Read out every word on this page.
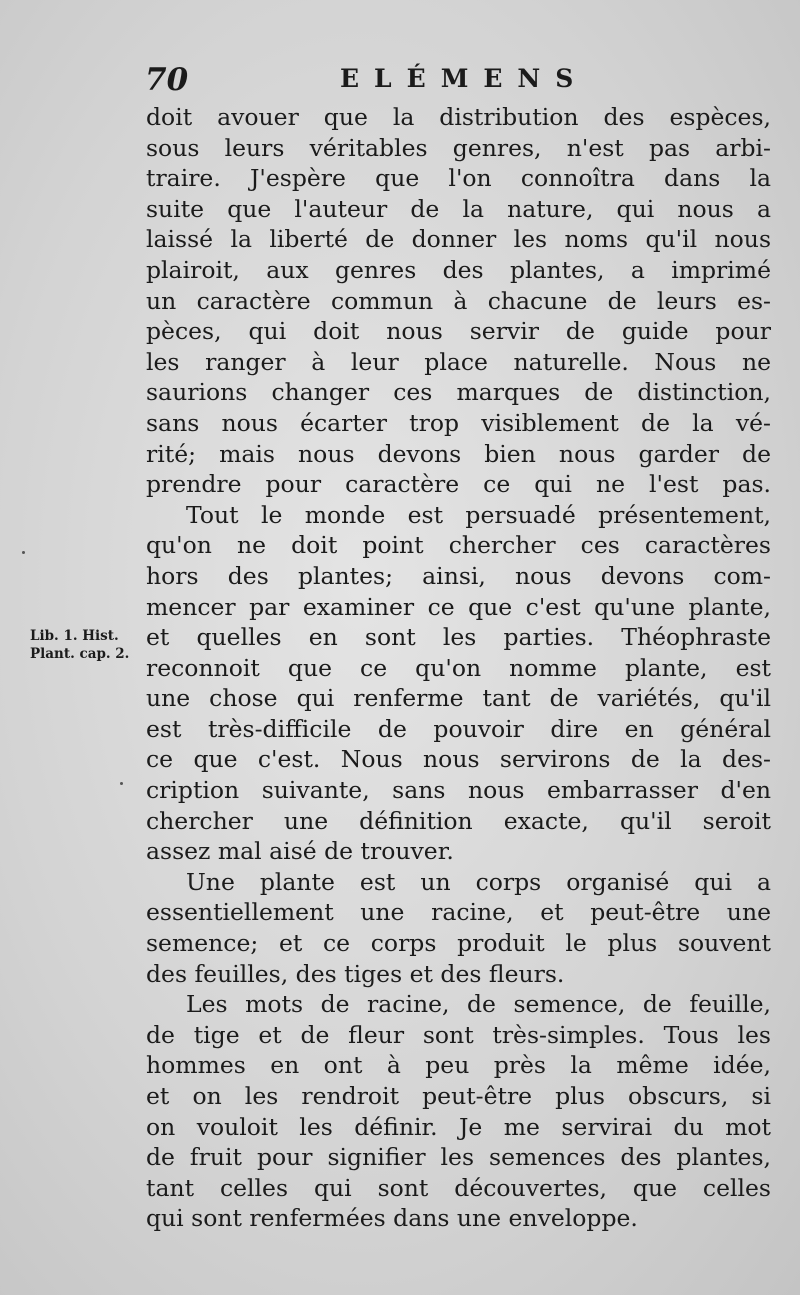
70	ELÉMENS
Lib. 1. Hist.
Plant. cap. 2.
doit avouer que la distribution des espèces,
sous leurs véritables genres, n'est pas arbi-
traire. J'espère que l'on connoîtra dans la
suite que l'auteur de la nature, qui nous a
laissé la liberté de donner les noms qu'il nous
plairoit, aux genres des plantes, a imprimé
un caractère commun à chacune de leurs es-
pèces, qui doit nous servir de guide pour
les ranger à leur place naturelle. Nous ne
saurions changer ces marques de distinction,
sans nous écarter trop visiblement de la vé-
rité; mais nous devons bien nous garder de
prendre pour caractère ce qui ne l'est pas.
Tout le monde est persuadé présentement,
qu'on ne doit point chercher ces caractères
hors des plantes; ainsi, nous devons com-
mencer par examiner ce que c'est qu'une plante,
et quelles en sont les parties. Théophraste
reconnoit que ce qu'on nomme plante, est
une chose qui renferme tant de variétés, qu'il
est très-difficile de pouvoir dire en général
ce que c'est. Nous nous servirons de la des-
cription suivante, sans nous embarrasser d'en
chercher une définition exacte, qu'il seroit
assez mal aisé de trouver.
Une plante est un corps organisé qui a
essentiellement une racine, et peut-être une
semence; et ce corps produit le plus souvent
des feuilles, des tiges et des fleurs.
Les mots de racine, de semence, de feuille,
de tige et de fleur sont très-simples. Tous les
hommes en ont à peu près la même idée,
et on les rendroit peut-être plus obscurs, si
on vouloit les définir. Je me servirai du mot
de fruit pour signifier les semences des plantes,
tant celles qui sont découvertes, que celles
qui sont renfermées dans une enveloppe.
